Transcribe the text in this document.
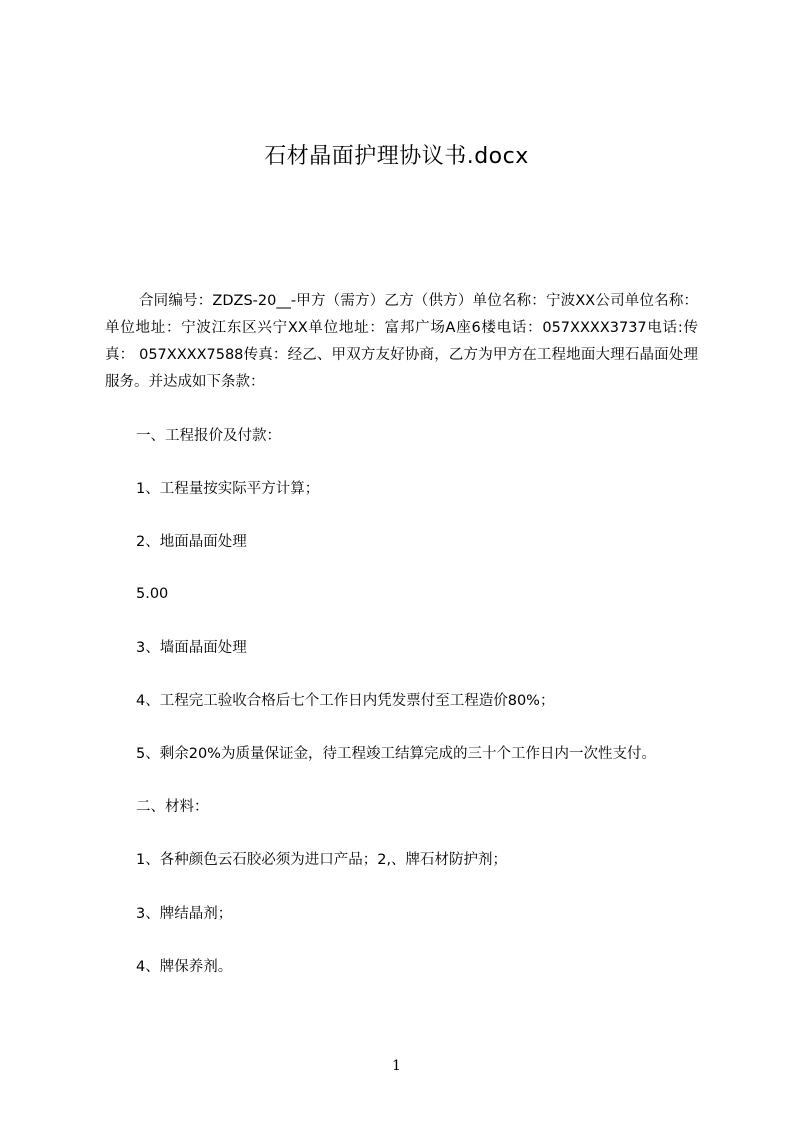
石材晶面护理协议书.docx

合同编号：ZDZS-20__-甲方（需方）乙方（供方）单位名称：宁波XX公司单位名称：单位地址：宁波江东区兴宁XX单位地址：富邦广场A座6楼电话：057XXXX3737电话:传真： 057XXXX7588传真：经乙、甲双方友好协商，乙方为甲方在工程地面大理石晶面处理服务。并达成如下条款：

一、工程报价及付款：

1、工程量按实际平方计算；

2、地面晶面处理

5.00

3、墙面晶面处理

4、工程完工验收合格后七个工作日内凭发票付至工程造价80%；

5、剩余20%为质量保证金，待工程竣工结算完成的三十个工作日内一次性支付。

二、材料：

1、各种颜色云石胶必须为进口产品；2,、牌石材防护剂；

3、牌结晶剂；

4、牌保养剂。

1
